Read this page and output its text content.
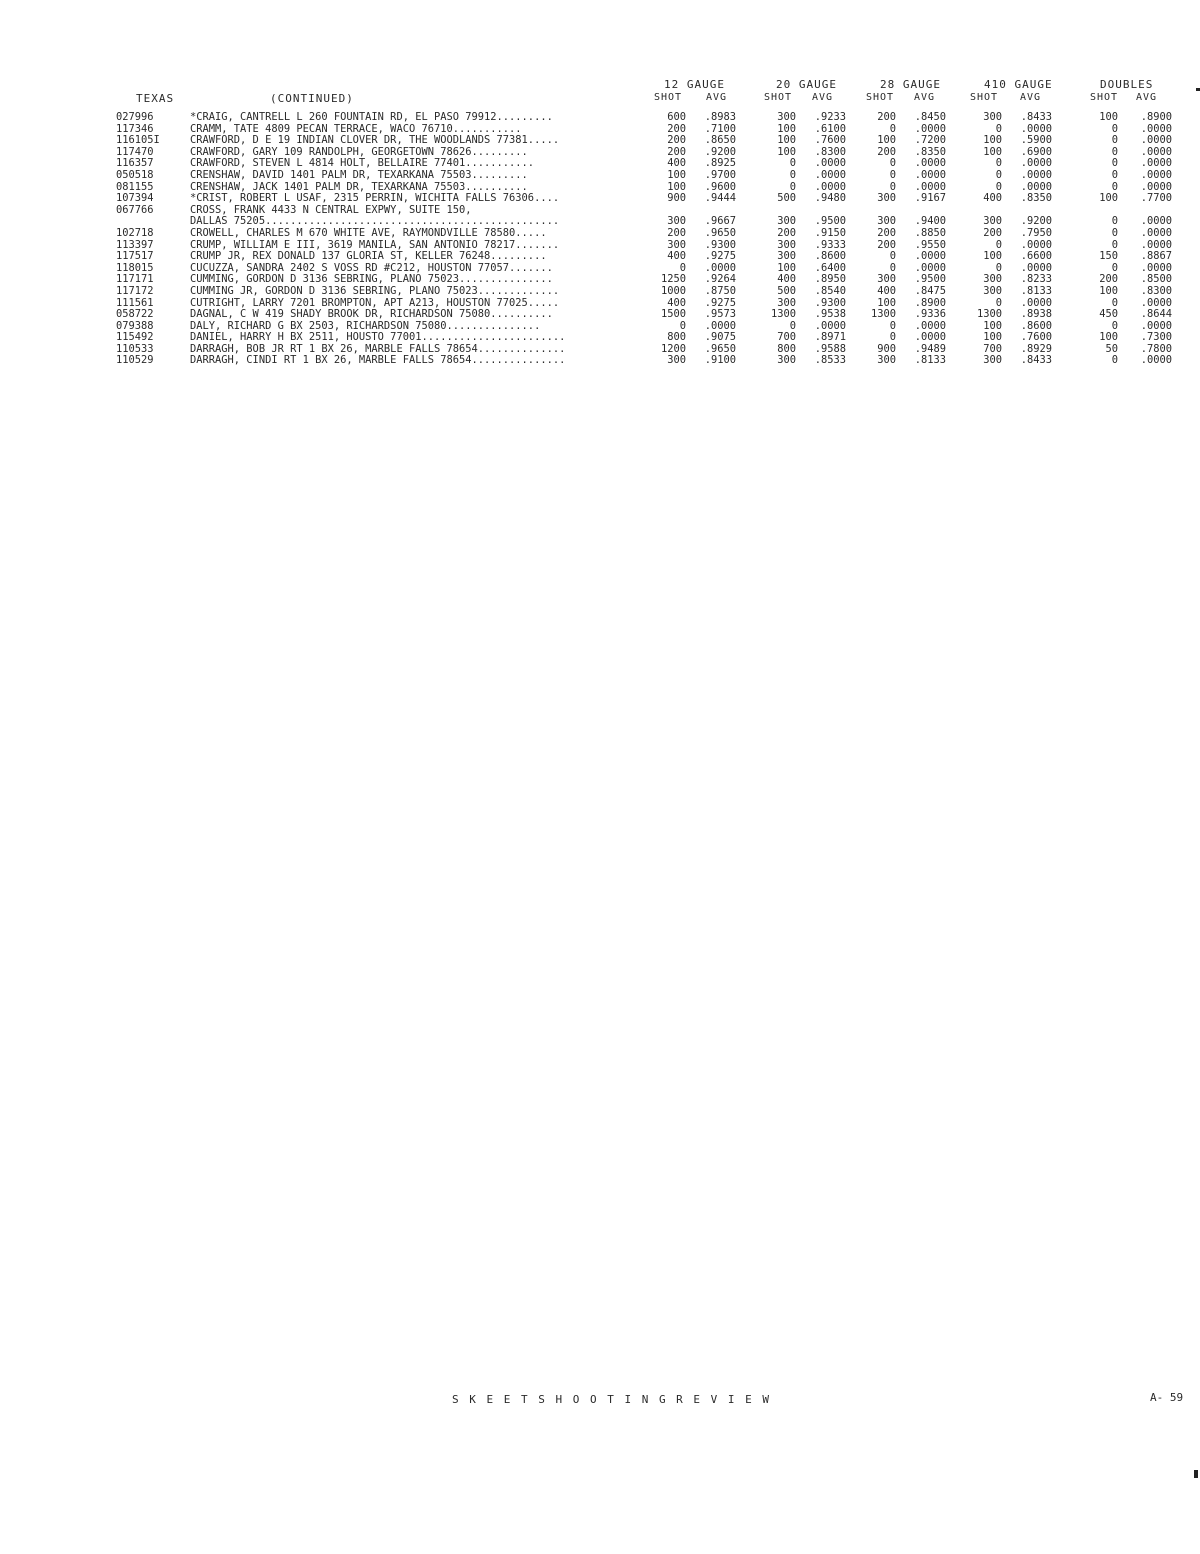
TEXAS	(CONTINUED)
12 GAUGE	20 GAUGE	28 GAUGE	410 GAUGE	DOUBLES
SHOT AVG	SHOT AVG	SHOT AVG	SHOT AVG	SHOT AVG
027996	*CRAIG, CANTRELL L 260 FOUNTAIN RD, EL PASO 79912.........	600	.8983	300	.9233	200	.8450	300	.8433	100	.8900
117346	CRAMM, TATE 4809 PECAN TERRACE, WACO 76710...........	200	.7100	100	.6100	0	.0000	0	.0000	0	.0000
116105I	CRAWFORD, D E 19 INDIAN CLOVER DR, THE WOODLANDS 77381.....	200	.8650	100	.7600	100	.7200	100	.5900	0	.0000
117470	CRAWFORD, GARY 109 RANDOLPH, GEORGETOWN 78626.........	200	.9200	100	.8300	200	.8350	100	.6900	0	.0000
116357	CRAWFORD, STEVEN L 4814 HOLT, BELLAIRE 77401...........	400	.8925	0	.0000	0	.0000	0	.0000	0	.0000
050518	CRENSHAW, DAVID 1401 PALM DR, TEXARKANA 75503.........	100	.9700	0	.0000	0	.0000	0	.0000	0	.0000
081155	CRENSHAW, JACK 1401 PALM DR, TEXARKANA 75503..........	100	.9600	0	.0000	0	.0000	0	.0000	0	.0000
107394	*CRIST, ROBERT L USAF, 2315 PERRIN, WICHITA FALLS 76306....	900	.9444	500	.9480	300	.9167	400	.8350	100	.7700
067766	CROSS, FRANK 4433 N CENTRAL EXPWY, SUITE 150,
DALLAS 75205...............................................	300	.9667	300	.9500	300	.9400	300	.9200	0	.0000
102718	CROWELL, CHARLES M 670 WHITE AVE, RAYMONDVILLE 78580.....	200	.9650	200	.9150	200	.8850	200	.7950	0	.0000
113397	CRUMP, WILLIAM E III, 3619 MANILA, SAN ANTONIO 78217.......	300	.9300	300	.9333	200	.9550	0	.0000	0	.0000
117517	CRUMP JR, REX DONALD 137 GLORIA ST, KELLER 76248.........	400	.9275	300	.8600	0	.0000	100	.6600	150	.8867
118015	CUCUZZA, SANDRA 2402 S VOSS RD #C212, HOUSTON 77057.......	0	.0000	100	.6400	0	.0000	0	.0000	0	.0000
117171	CUMMING, GORDON D 3136 SEBRING, PLANO 75023...............	1250	.9264	400	.8950	300	.9500	300	.8233	200	.8500
117172	CUMMING JR, GORDON D 3136 SEBRING, PLANO 75023.............	1000	.8750	500	.8540	400	.8475	300	.8133	100	.8300
111561	CUTRIGHT, LARRY 7201 BROMPTON, APT A213, HOUSTON 77025.....	400	.9275	300	.9300	100	.8900	0	.0000	0	.0000
058722	DAGNAL, C W 419 SHADY BROOK DR, RICHARDSON 75080..........	1500	.9573	1300	.9538	1300	.9336	1300	.8938	450	.8644
079388	DALY, RICHARD G BX 2503, RICHARDSON 75080...............	0	.0000	0	.0000	0	.0000	100	.8600	0	.0000
115492	DANIEL, HARRY H BX 2511, HOUSTO 77001.......................	800	.9075	700	.8971	0	.0000	100	.7600	100	.7300
110533	DARRAGH, BOB JR RT 1 BX 26, MARBLE FALLS 78654..............	1200	.9650	800	.9588	900	.9489	700	.8929	50	.7800
110529	DARRAGH, CINDI RT 1 BX 26, MARBLE FALLS 78654...............	300	.9100	300	.8533	300	.8133	300	.8433	0	.0000
S K E E T S H O O T I N G R E V I E W	A- 59
